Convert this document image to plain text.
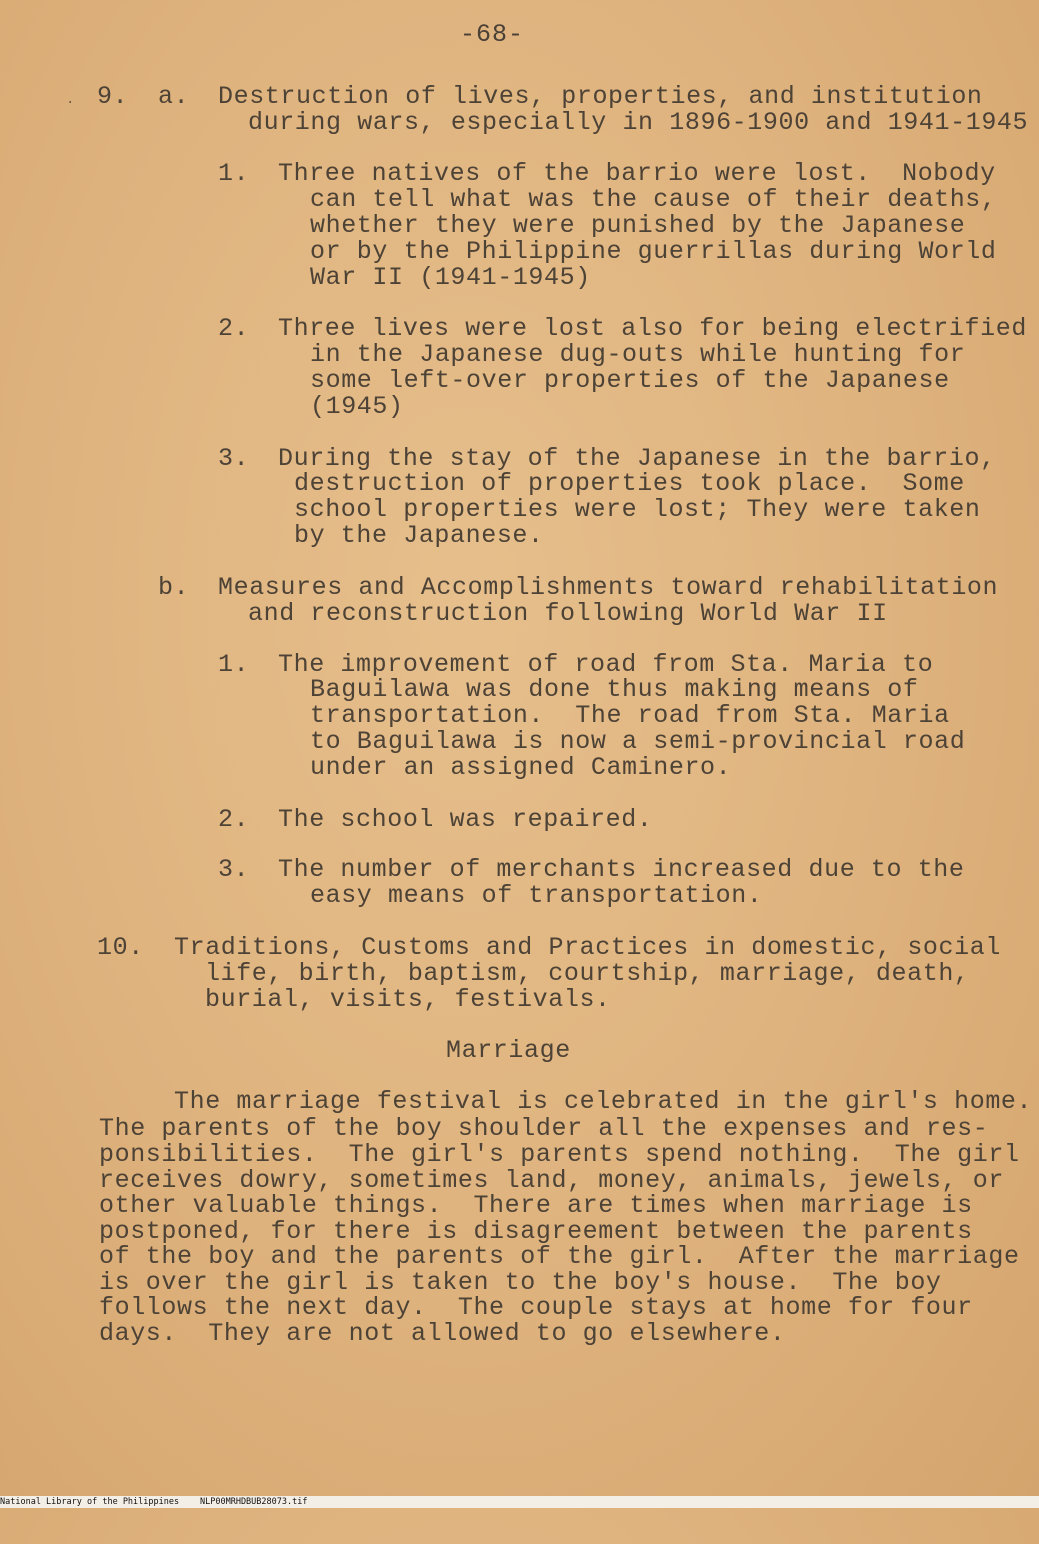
-68-
· 9. a. Destruction of lives, properties, and institution
during wars, especially in 1896-1900 and 1941-1945
1. Three natives of the barrio were lost.  Nobody
can tell what was the cause of their deaths,
whether they were punished by the Japanese
or by the Philippine guerrillas during World
War II (1941-1945)
2. Three lives were lost also for being electrified
in the Japanese dug-outs while hunting for
some left-over properties of the Japanese
(1945)
3. During the stay of the Japanese in the barrio,
destruction of properties took place.  Some
school properties were lost; They were taken
by the Japanese.
b. Measures and Accomplishments toward rehabilitation
and reconstruction following World War II
1. The improvement of road from Sta. Maria to
Baguilawa was done thus making means of
transportation.  The road from Sta. Maria
to Baguilawa is now a semi-provincial road
under an assigned Caminero.
2. The school was repaired.
3. The number of merchants increased due to the
easy means of transportation.
10. Traditions, Customs and Practices in domestic, social
life, birth, baptism, courtship, marriage, death,
burial, visits, festivals.
Marriage
The marriage festival is celebrated in the girl's home.
The parents of the boy shoulder all the expenses and res-
ponsibilities.  The girl's parents spend nothing.  The girl
receives dowry, sometimes land, money, animals, jewels, or
other valuable things.  There are times when marriage is
postponed, for there is disagreement between the parents
of the boy and the parents of the girl.  After the marriage
is over the girl is taken to the boy's house.  The boy
follows the next day.  The couple stays at home for four
days.  They are not allowed to go elsewhere.

National Library of the Philippines

NLP00MRHDBUB28073.tif
